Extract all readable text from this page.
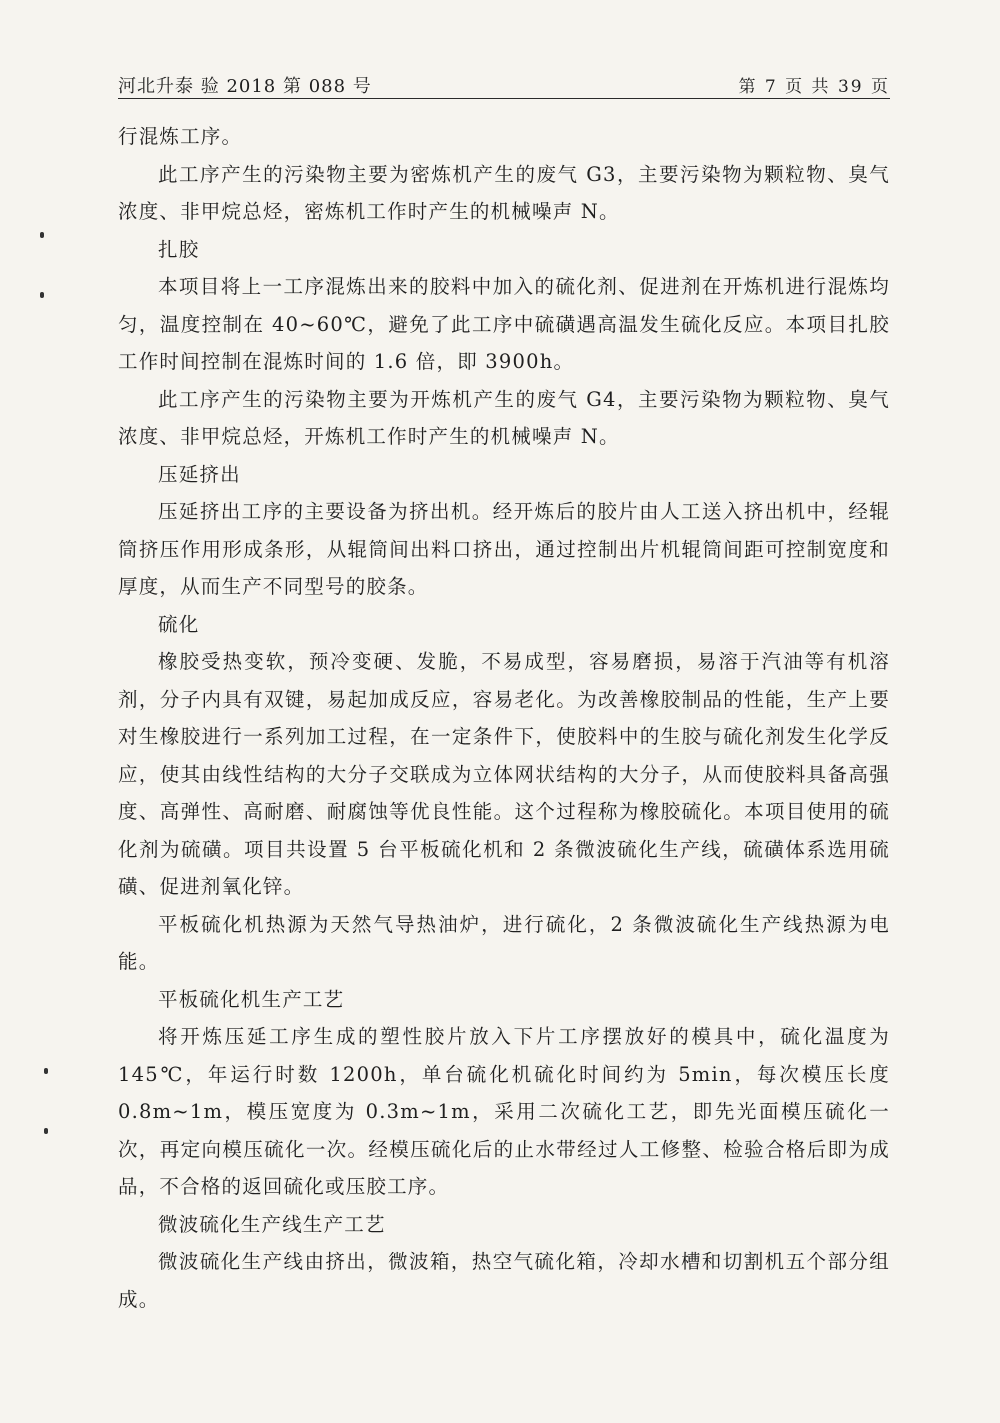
河北升泰 验 2018 第 088 号	第 7 页 共 39 页

行混炼工序。

此工序产生的污染物主要为密炼机产生的废气 G3，主要污染物为颗粒物、臭气浓度、非甲烷总烃，密炼机工作时产生的机械噪声 N。

扎胶

本项目将上一工序混炼出来的胶料中加入的硫化剂、促进剂在开炼机进行混炼均匀，温度控制在 40~60℃，避免了此工序中硫磺遇高温发生硫化反应。本项目扎胶工作时间控制在混炼时间的 1.6 倍，即 3900h。

此工序产生的污染物主要为开炼机产生的废气 G4，主要污染物为颗粒物、臭气浓度、非甲烷总烃，开炼机工作时产生的机械噪声 N。

压延挤出

压延挤出工序的主要设备为挤出机。经开炼后的胶片由人工送入挤出机中，经辊筒挤压作用形成条形，从辊筒间出料口挤出，通过控制出片机辊筒间距可控制宽度和厚度，从而生产不同型号的胶条。

硫化

橡胶受热变软，预冷变硬、发脆，不易成型，容易磨损，易溶于汽油等有机溶剂，分子内具有双键，易起加成反应，容易老化。为改善橡胶制品的性能，生产上要对生橡胶进行一系列加工过程，在一定条件下，使胶料中的生胶与硫化剂发生化学反应，使其由线性结构的大分子交联成为立体网状结构的大分子，从而使胶料具备高强度、高弹性、高耐磨、耐腐蚀等优良性能。这个过程称为橡胶硫化。本项目使用的硫化剂为硫磺。项目共设置 5 台平板硫化机和 2 条微波硫化生产线，硫磺体系选用硫磺、促进剂氧化锌。

平板硫化机热源为天然气导热油炉，进行硫化，2 条微波硫化生产线热源为电能。

平板硫化机生产工艺

将开炼压延工序生成的塑性胶片放入下片工序摆放好的模具中，硫化温度为 145℃，年运行时数 1200h，单台硫化机硫化时间约为 5min，每次模压长度 0.8m~1m，模压宽度为 0.3m~1m，采用二次硫化工艺，即先光面模压硫化一次，再定向模压硫化一次。经模压硫化后的止水带经过人工修整、检验合格后即为成品，不合格的返回硫化或压胶工序。

微波硫化生产线生产工艺

微波硫化生产线由挤出，微波箱，热空气硫化箱，冷却水槽和切割机五个部分组成。
